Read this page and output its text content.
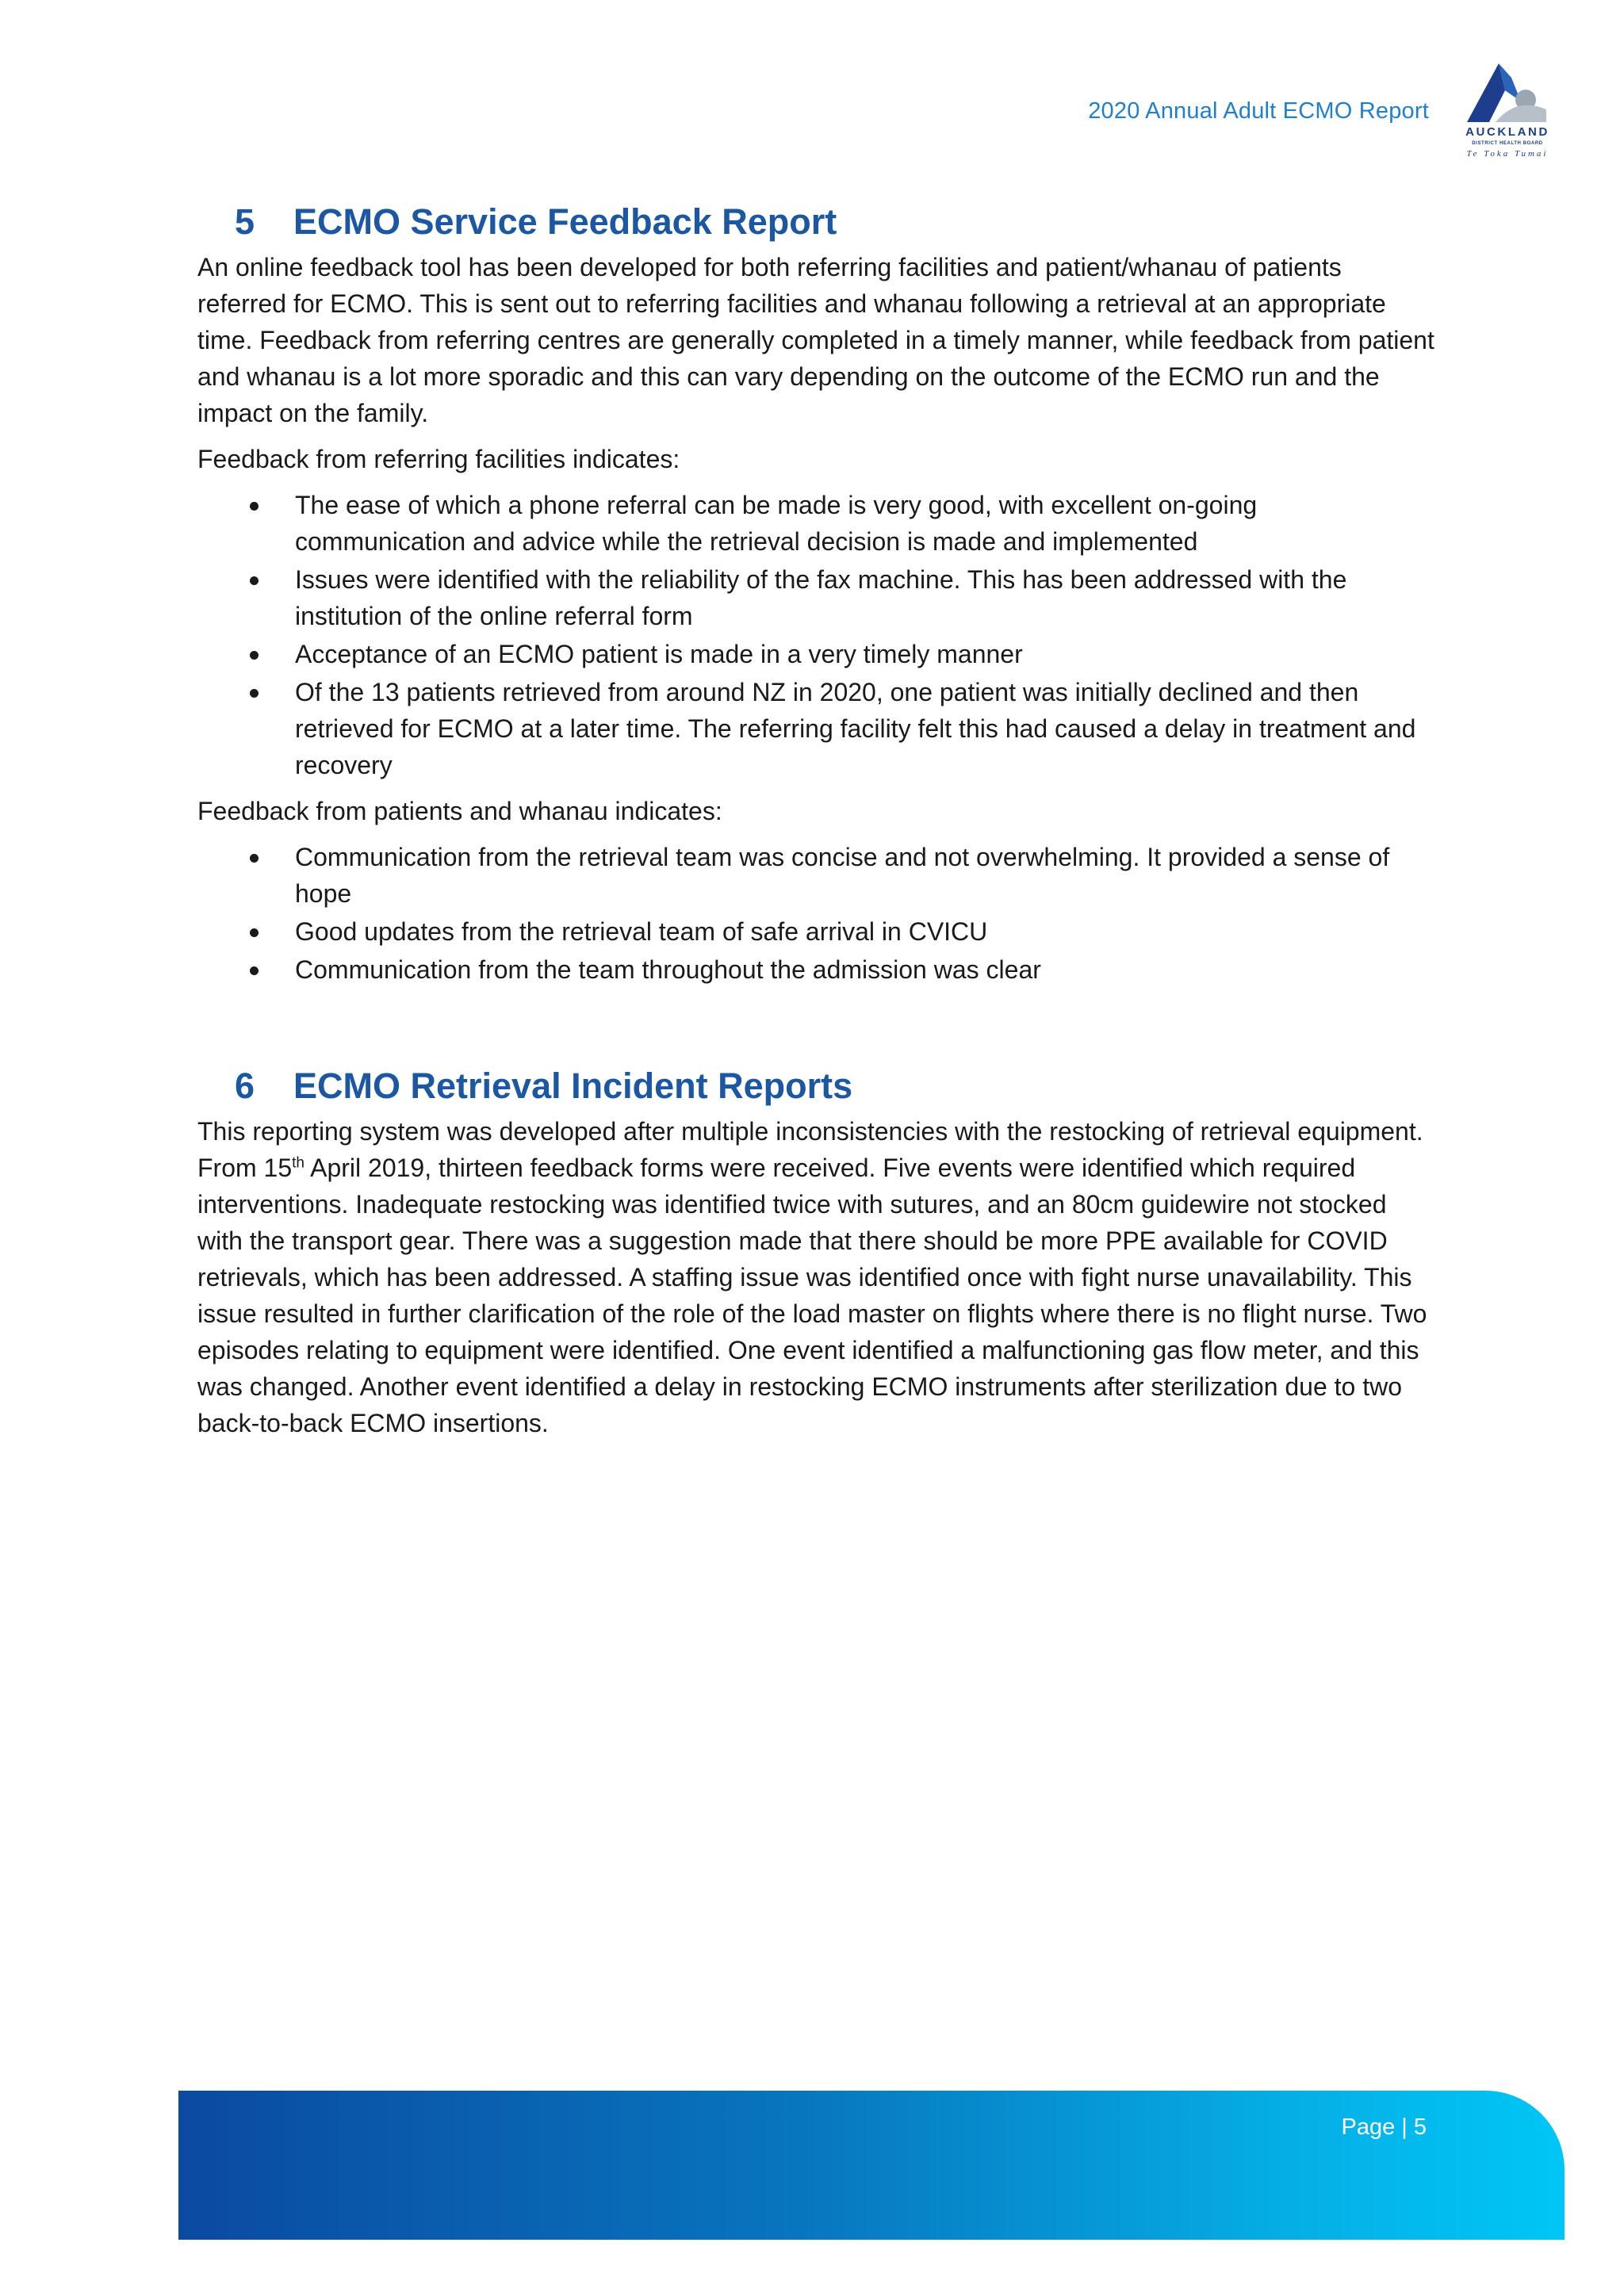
2020 Annual Adult ECMO Report
AUCKLAND
DISTRICT HEALTH BOARD
Te Toka Tumai
5 ECMO Service Feedback Report

An online feedback tool has been developed for both referring facilities and patient/whanau of patients referred for ECMO. This is sent out to referring facilities and whanau following a retrieval at an appropriate time. Feedback from referring centres are generally completed in a timely manner, while feedback from patient and whanau is a lot more sporadic and this can vary depending on the outcome of the ECMO run and the impact on the family.

Feedback from referring facilities indicates:

The ease of which a phone referral can be made is very good, with excellent on-going communication and advice while the retrieval decision is made and implemented
Issues were identified with the reliability of the fax machine. This has been addressed with the institution of the online referral form
Acceptance of an ECMO patient is made in a very timely manner
Of the 13 patients retrieved from around NZ in 2020, one patient was initially declined and then retrieved for ECMO at a later time. The referring facility felt this had caused a delay in treatment and recovery

Feedback from patients and whanau indicates:

Communication from the retrieval team was concise and not overwhelming. It provided a sense of hope
Good updates from the retrieval team of safe arrival in CVICU
Communication from the team throughout the admission was clear
6 ECMO Retrieval Incident Reports

This reporting system was developed after multiple inconsistencies with the restocking of retrieval equipment. From 15th April 2019, thirteen feedback forms were received. Five events were identified which required interventions. Inadequate restocking was identified twice with sutures, and an 80cm guidewire not stocked with the transport gear. There was a suggestion made that there should be more PPE available for COVID retrievals, which has been addressed. A staffing issue was identified once with fight nurse unavailability. This issue resulted in further clarification of the role of the load master on flights where there is no flight nurse. Two episodes relating to equipment were identified. One event identified a malfunctioning gas flow meter, and this was changed. Another event identified a delay in restocking ECMO instruments after sterilization due to two back-to-back ECMO insertions.

Page | 5
